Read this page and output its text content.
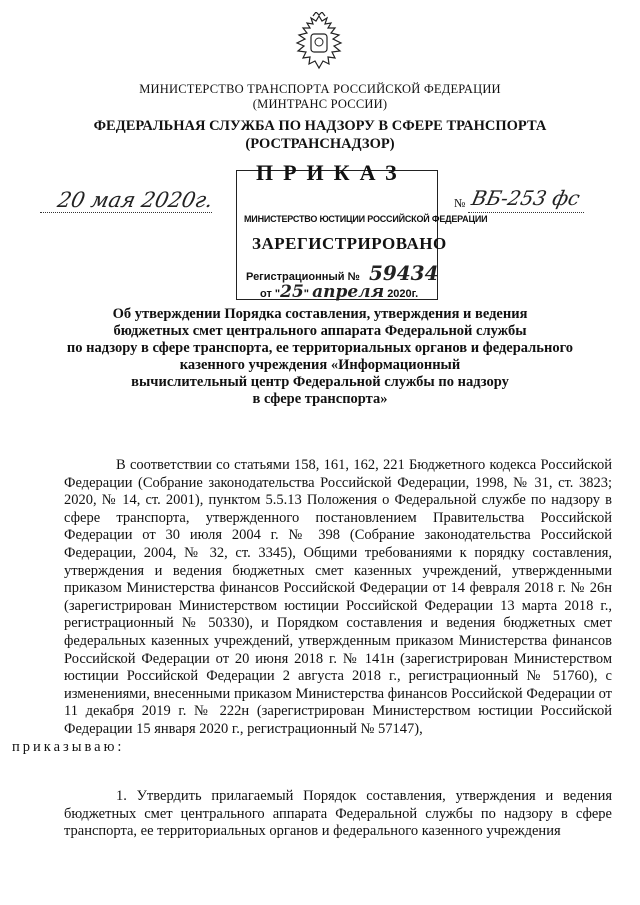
МИНИСТЕРСТВО ТРАНСПОРТА РОССИЙСКОЙ ФЕДЕРАЦИИ
(МИНТРАНС РОССИИ)
ФЕДЕРАЛЬНАЯ СЛУЖБА ПО НАДЗОРУ В СФЕРЕ ТРАНСПОРТА
(РОСТРАНСНАДЗОР)
20 мая 2020г.
ПРИКАЗ
МИНИСТЕРСТВО ЮСТИЦИИ РОССИЙСКОЙ ФЕДЕРАЦИИ
ЗАРЕГИСТРИРОВАНО
Регистрационный № 59434
от "25" апреля 2020г.
№ ВБ-253 фс
Об утверждении Порядка составления, утверждения и ведения
бюджетных смет центрального аппарата Федеральной службы
по надзору в сфере транспорта, ее территориальных органов и федерального
казенного учреждения «Информационный
вычислительный центр Федеральной службы по надзору
в сфере транспорта»
В соответствии со статьями 158, 161, 162, 221 Бюджетного кодекса Российской Федерации (Собрание законодательства Российской Федерации, 1998, № 31, ст. 3823; 2020, № 14, ст. 2001), пунктом 5.5.13 Положения о Федеральной службе по надзору в сфере транспорта, утвержденного постановлением Правительства Российской Федерации от 30 июля 2004 г. № 398 (Собрание законодательства Российской Федерации, 2004, № 32, ст. 3345), Общими требованиями к порядку составления, утверждения и ведения бюджетных смет казенных учреждений, утвержденными приказом Министерства финансов Российской Федерации от 14 февраля 2018 г. № 26н (зарегистрирован Министерством юстиции Российской Федерации 13 марта 2018 г., регистрационный № 50330), и Порядком составления и ведения бюджетных смет федеральных казенных учреждений, утвержденным приказом Министерства финансов Российской Федерации от 20 июня 2018 г. № 141н (зарегистрирован Министерством юстиции Российской Федерации 2 августа 2018 г., регистрационный № 51760), с изменениями, внесенными приказом Министерства финансов Российской Федерации от 11 декабря 2019 г. № 222н (зарегистрирован Министерством юстиции Российской Федерации 15 января 2020 г., регистрационный № 57147),
приказываю:
1. Утвердить прилагаемый Порядок составления, утверждения и ведения бюджетных смет центрального аппарата Федеральной службы по надзору в сфере транспорта, ее территориальных органов и федерального казенного учреждения
